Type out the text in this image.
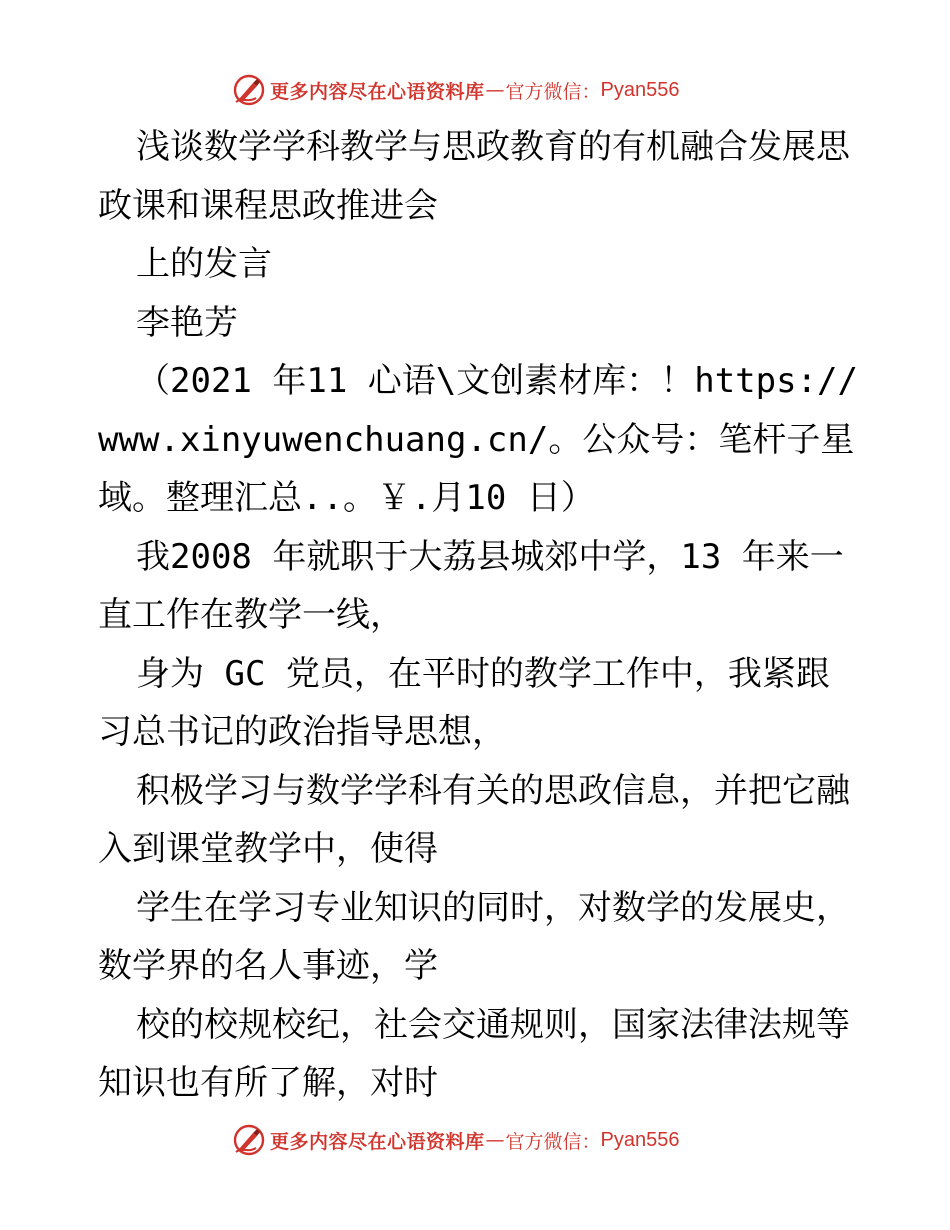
更多内容尽在心语资料库 — 官方微信： Pyan556

浅谈数学学科教学与思政教育的有机融合发展思政课和课程思政推进会

上的发言

李艳芳

（2021 年11 心语\文创素材库：！https://www.xinyuwenchuang.cn/。公众号：笔杆子星域。整理汇总..。￥.月10 日）

我2008 年就职于大荔县城郊中学，13 年来一直工作在教学一线，

身为 GC 党员，在平时的教学工作中，我紧跟习总书记的政治指导思想，

积极学习与数学学科有关的思政信息，并把它融入到课堂教学中，使得

学生在学习专业知识的同时，对数学的发展史，数学界的名人事迹，学

校的校规校纪，社会交通规则，国家法律法规等知识也有所了解，对时

更多内容尽在心语资料库 — 官方微信： Pyan556
